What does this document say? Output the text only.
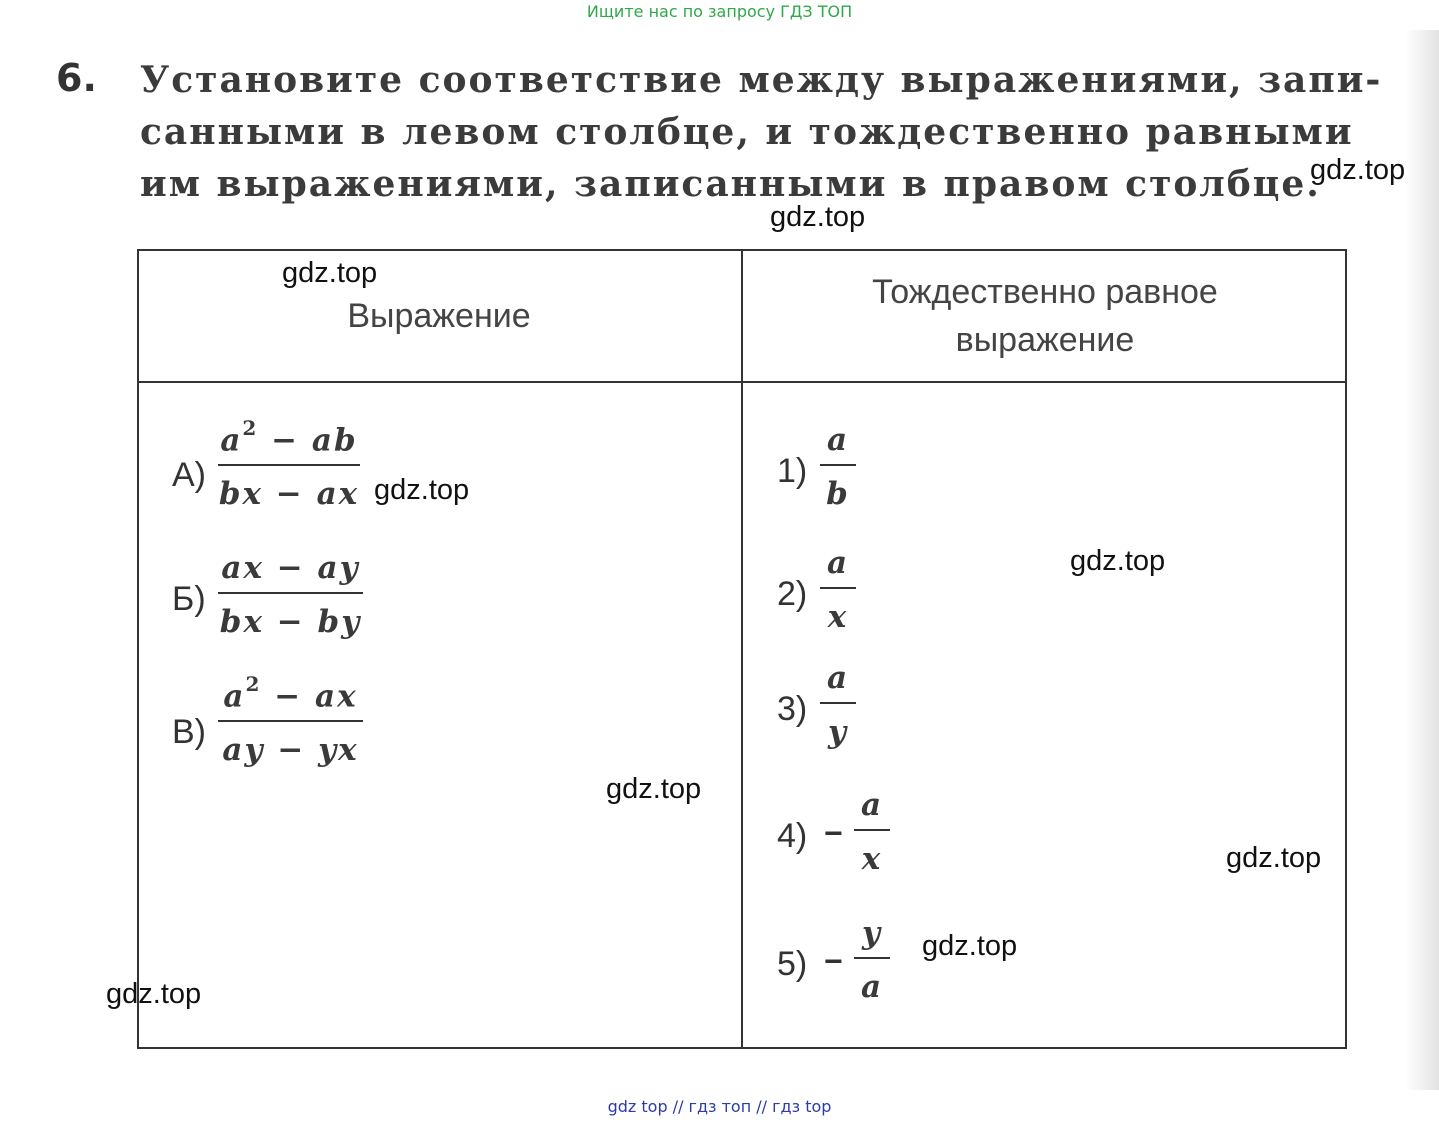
Ищите нас по запросу ГДЗ ТОП
6. Установите соответствие между выражениями, запи-
санными в левом столбце, и тождественно равными
им выражениями, записанными в правом столбце.
Выражение
Тождественно равное
выражение
А)
$a^2$ − ab
bx − ax
Б)
ax − ay
bx − by
В)
$a^2$ − ax
ay − yx
1)
a
b
2)
a
x
3)
a
y
4) −
a
x
5) −
y
a
gdz.top
gdz.top
gdz.top
gdz.top
gdz.top
gdz.top
gdz.top
gdz.top
gdz.top
gdz top // гдз топ // гдз top
